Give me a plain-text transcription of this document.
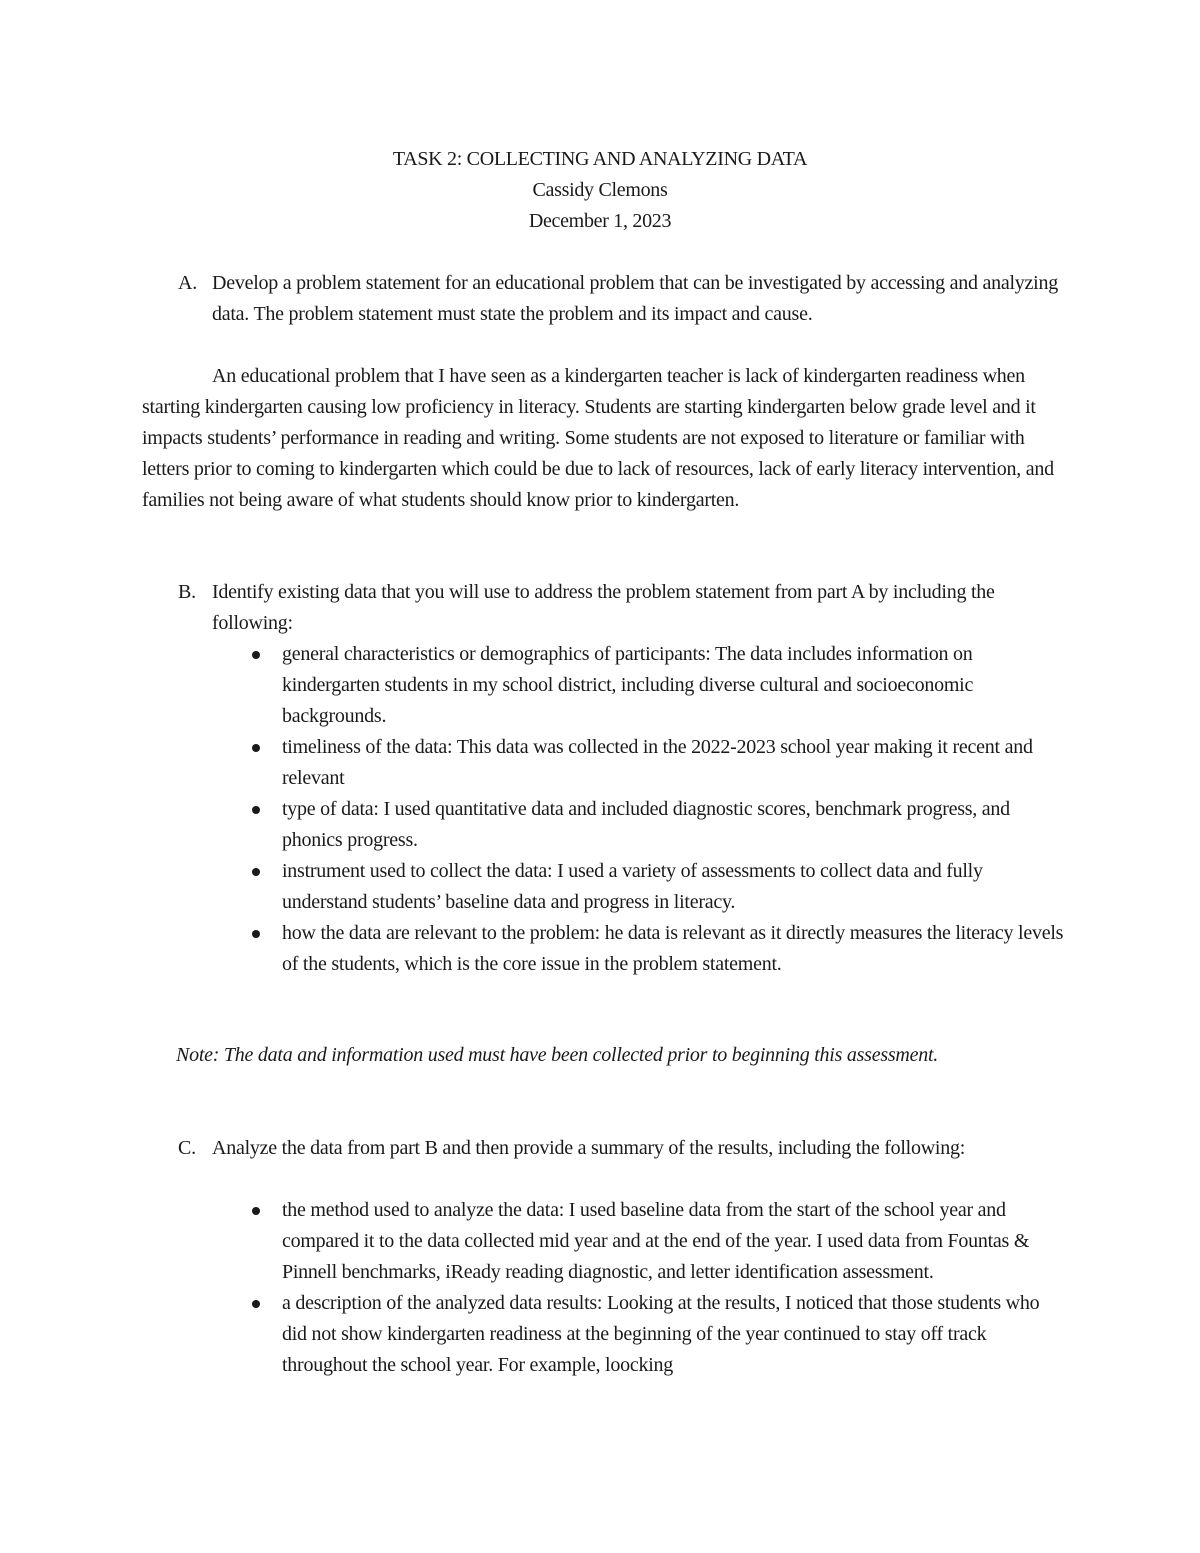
TASK 2: COLLECTING AND ANALYZING DATA
Cassidy Clemons
December 1, 2023
A. Develop a problem statement for an educational problem that can be investigated by accessing and analyzing data. The problem statement must state the problem and its impact and cause.
An educational problem that I have seen as a kindergarten teacher is lack of kindergarten readiness when starting kindergarten causing low proficiency in literacy. Students are starting kindergarten below grade level and it impacts students’ performance in reading and writing. Some students are not exposed to literature or familiar with letters prior to coming to kindergarten which could be due to lack of resources, lack of early literacy intervention, and families not being aware of what students should know prior to kindergarten.
B. Identify existing data that you will use to address the problem statement from part A by including the following:
general characteristics or demographics of participants: The data includes information on kindergarten students in my school district, including diverse cultural and socioeconomic backgrounds.
timeliness of the data: This data was collected in the 2022-2023 school year making it recent and relevant
type of data: I used quantitative data and included diagnostic scores, benchmark progress, and phonics progress.
instrument used to collect the data: I used a variety of assessments to collect data and fully understand students’ baseline data and progress in literacy.
how the data are relevant to the problem: he data is relevant as it directly measures the literacy levels of the students, which is the core issue in the problem statement.
Note: The data and information used must have been collected prior to beginning this assessment.
C. Analyze the data from part B and then provide a summary of the results, including the following:
the method used to analyze the data: I used baseline data from the start of the school year and compared it to the data collected mid year and at the end of the year. I used data from Fountas & Pinnell benchmarks, iReady reading diagnostic, and letter identification assessment.
a description of the analyzed data results: Looking at the results, I noticed that those students who did not show kindergarten readiness at the beginning of the year continued to stay off track throughout the school year. For example, loocking
